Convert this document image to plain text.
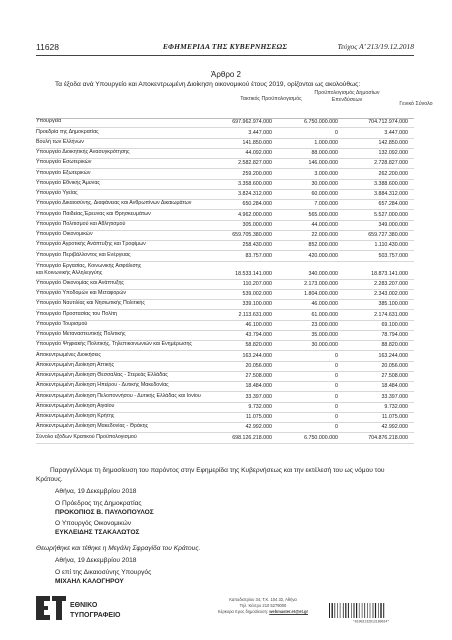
11628	ΕΦΗΜΕΡΙΔΑ ΤΗΣ ΚΥΒΕΡΝΗΣΕΩΣ	Τεύχος Α’ 213/19.12.2018
Άρθρο 2
Τα έξοδα ανά Υπουργείο και Αποκεντρωμένη Διοίκηση οικονομικού έτους 2019, ορίζονται ως ακολούθως:
Τακτικός Προϋπολογισμός
Προϋπολογισμός Δημοσίων Επενδύσεων
Γενικό Σύνολο
Υπουργεία	697.962.974.000	6.750.000.000	704.712.974.000
Προεδρία της Δημοκρατίας	3.447.000	0	3.447.000
Βουλή των Ελλήνων	141.850.000	1.000.000	142.850.000
Υπουργείο Διοικητικής Ανασυγκρότησης	44.092.000	88.000.000	132.092.000
Υπουργείο Εσωτερικών	2.582.827.000	146.000.000	2.728.827.000
Υπουργείο Εξωτερικών	259.200.000	3.000.000	262.200.000
Υπουργείο Εθνικής Άμυνας	3.358.600.000	30.000.000	3.388.600.000
Υπουργείο Υγείας	3.824.312.000	60.000.000	3.884.312.000
Υπουργείο Δικαιοσύνης, Διαφάνειας και Ανθρωπίνων Δικαιωμάτων	650.284.000	7.000.000	657.284.000
Υπουργείο Παιδείας,Έρευνας και Θρησκευμάτων	4.962.000.000	565.000.000	5.527.000.000
Υπουργείο Πολιτισμού και Αθλητισμού	305.000.000	44.000.000	349.000.000
Υπουργείο Οικονομικών	659.705.380.000	22.000.000	659.727.380.000
Υπουργείο Αγροτικής Ανάπτυξης και Τροφίμων	258.430.000	852.000.000	1.110.430.000
Υπουργείο Περιβάλλοντος και Ενέργειας	83.757.000	420.000.000	503.757.000
Υπουργείο Εργασίας, Κοινωνικής Ασφάλισης
και Κοινωνικής Αλληλεγγύης	18.533.141.000	340.000.000	18.873.141.000
Υπουργείο Οικονομίας και Ανάπτυξης	110.207.000	2.173.000.000	2.283.207.000
Υπουργείο Υποδομών και Μεταφορών	539.002.000	1.804.000.000	2.343.002.000
Υπουργείο Ναυτιλίας και Νησιωτικής Πολιτικής	339.100.000	46.000.000	385.100.000
Υπουργείο Προστασίας του Πολίτη	2.113.631.000	61.000.000	2.174.631.000
Υπουργείο Τουρισμού	46.100.000	23.000.000	69.100.000
Υπουργείο Μεταναστευτικής Πολιτικής	43.794.000	35.000.000	78.794.000
Υπουργείο Ψηφιακής Πολιτικής, Τηλεπικοινωνιών και Ενημέρωσης	58.820.000	30.000.000	88.820.000
Αποκεντρωμένες Διοικήσεις	163.244.000	0	163.244.000
Αποκεντρωμένη Διοίκηση Αττικής	20.056.000	0	20.056.000
Αποκεντρωμένη Διοίκηση Θεσσαλίας - Στερεάς Ελλάδας	27.508.000	0	27.508.000
Αποκεντρωμένη Διοίκηση Ηπείρου - Δυτικής Μακεδονίας	18.484.000	0	18.484.000
Αποκεντρωμένη Διοίκηση Πελοποννήσου - Δυτικής Ελλάδας και Ιονίου	33.397.000	0	33.397.000
Αποκεντρωμένη Διοίκηση Αιγαίου	9.732.000	0	9.732.000
Αποκεντρωμένη Διοίκηση Κρήτης	11.075.000	0	11.075.000
Αποκεντρωμένη Διοίκηση Μακεδονίας - Θράκης	42.992.000	0	42.992.000
Σύνολο εξόδων Κρατικού Προϋπολογισμού	698.126.218.000	6.750.000.000	704.876.218.000
Παραγγέλλομε τη δημοσίευση του παρόντος στην Εφημερίδα της Κυβερνήσεως και την εκτέλεσή του ως νόμου του Κράτους.
Αθήνα, 19 Δεκεμβρίου 2018
Ο Πρόεδρος της Δημοκρατίας
ΠΡΟΚΟΠΙΟΣ Β. ΠΑΥΛΟΠΟΥΛΟΣ
Ο Υπουργός Οικονομικών
ΕΥΚΛΕΙΔΗΣ ΤΣΑΚΑΛΩΤΟΣ
Θεωρήθηκε και τέθηκε η Μεγάλη Σφραγίδα του Κράτους.
Αθήνα, 19 Δεκεμβρίου 2018
Ο επί της Δικαιοσύνης Υπουργός
ΜΙΧΑΗΛ ΚΑΛΟΓΗΡΟΥ
ΕΘΝΙΚΟ
ΤΥΠΟΓΡΑΦΕΙΟ
Καποδιστρίου 34, Τ.Κ. 104 32, Αθήνα
Τηλ. Κέντρο 210 5279000
Κέρκυρα προς δημοσίευση: webmaster.et@et.gr
*01002132912180024*
